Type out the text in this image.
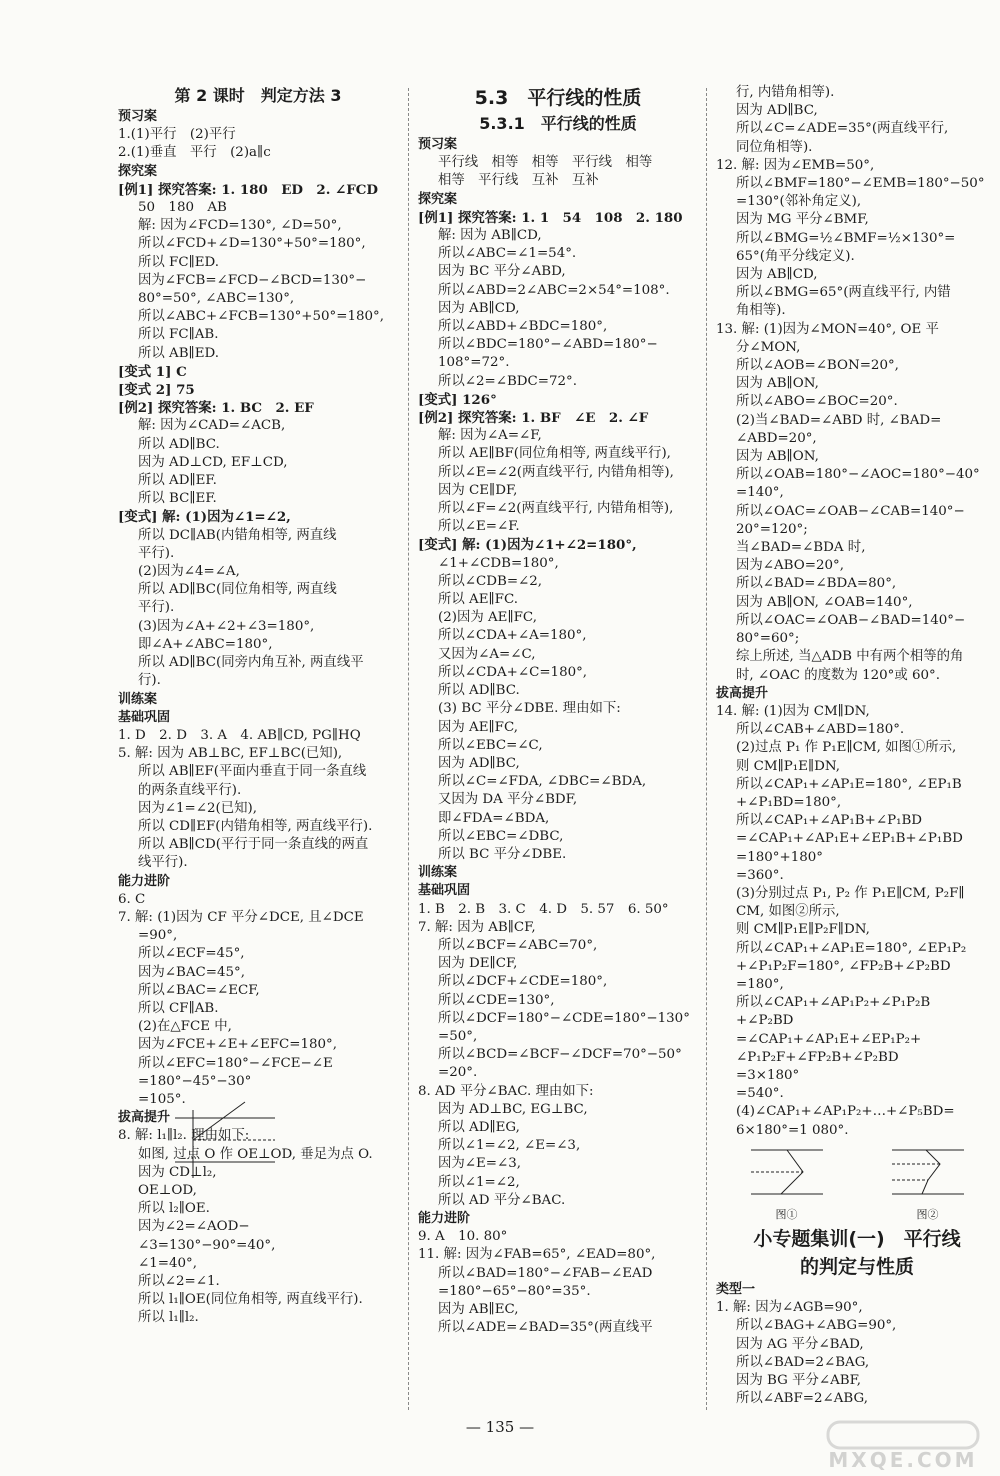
第 2 课时　判定方法 3
预习案
1.(1)平行　(2)平行
2.(1)垂直　平行　(2)a∥c
探究案
[例1] 探究答案: 1. 180　ED　2. ∠FCD
50　180　AB
解: 因为∠FCD=130°, ∠D=50°,
所以∠FCD+∠D=130°+50°=180°,
所以 FC∥ED.
因为∠FCB=∠FCD−∠BCD=130°−
80°=50°, ∠ABC=130°,
所以∠ABC+∠FCB=130°+50°=180°,
所以 FC∥AB.
所以 AB∥ED.
[变式 1] C
[变式 2] 75
[例2] 探究答案: 1. BC　2. EF
解: 因为∠CAD=∠ACB,
所以 AD∥BC.
因为 AD⊥CD, EF⊥CD,
所以 AD∥EF.
所以 BC∥EF.
[变式] 解: (1)因为∠1=∠2,
所以 DC∥AB(内错角相等, 两直线
平行).
(2)因为∠4=∠A,
所以 AD∥BC(同位角相等, 两直线
平行).
(3)因为∠A+∠2+∠3=180°,
即∠A+∠ABC=180°,
所以 AD∥BC(同旁内角互补, 两直线平
行).
训练案
基础巩固
1. D　2. D　3. A　4. AB∥CD, PG∥HQ
5. 解: 因为 AB⊥BC, EF⊥BC(已知),
所以 AB∥EF(平面内垂直于同一条直线
的两条直线平行).
因为∠1=∠2(已知),
所以 CD∥EF(内错角相等, 两直线平行).
所以 AB∥CD(平行于同一条直线的两直
线平行).
能力进阶
6. C
7. 解: (1)因为 CF 平分∠DCE, 且∠DCE
=90°,
所以∠ECF=45°,
因为∠BAC=45°,
所以∠BAC=∠ECF,
所以 CF∥AB.
(2)在△FCE 中,
因为∠FCE+∠E+∠EFC=180°,
所以∠EFC=180°−∠FCE−∠E
=180°−45°−30°
=105°.
拔高提升
8. 解: l₁∥l₂. 理由如下:
如图, 过点 O 作 OE⊥OD, 垂足为点 O.
因为 CD⊥l₂,
OE⊥OD,
所以 l₂∥OE.
因为∠2=∠AOD−
∠3=130°−90°=40°,
∠1=40°,
所以∠2=∠1.
所以 l₁∥OE(同位角相等, 两直线平行).
所以 l₁∥l₂.
5.3　平行线的性质
5.3.1　平行线的性质
预习案
平行线　相等　相等　平行线　相等
相等　平行线　互补　互补
探究案
[例1] 探究答案: 1. 1　54　108　2. 180
解: 因为 AB∥CD,
所以∠ABC=∠1=54°.
因为 BC 平分∠ABD,
所以∠ABD=2∠ABC=2×54°=108°.
因为 AB∥CD,
所以∠ABD+∠BDC=180°,
所以∠BDC=180°−∠ABD=180°−
108°=72°.
所以∠2=∠BDC=72°.
[变式] 126°
[例2] 探究答案: 1. BF　∠E　2. ∠F
解: 因为∠A=∠F,
所以 AE∥BF(同位角相等, 两直线平行),
所以∠E=∠2(两直线平行, 内错角相等),
因为 CE∥DF,
所以∠F=∠2(两直线平行, 内错角相等),
所以∠E=∠F.
[变式] 解: (1)因为∠1+∠2=180°,
∠1+∠CDB=180°,
所以∠CDB=∠2,
所以 AE∥FC.
(2)因为 AE∥FC,
所以∠CDA+∠A=180°,
又因为∠A=∠C,
所以∠CDA+∠C=180°,
所以 AD∥BC.
(3) BC 平分∠DBE. 理由如下:
因为 AE∥FC,
所以∠EBC=∠C,
因为 AD∥BC,
所以∠C=∠FDA, ∠DBC=∠BDA,
又因为 DA 平分∠BDF,
即∠FDA=∠BDA,
所以∠EBC=∠DBC,
所以 BC 平分∠DBE.
训练案
基础巩固
1. B　2. B　3. C　4. D　5. 57　6. 50°
7. 解: 因为 AB∥CF,
所以∠BCF=∠ABC=70°,
因为 DE∥CF,
所以∠DCF+∠CDE=180°,
所以∠CDE=130°,
所以∠DCF=180°−∠CDE=180°−130°
=50°,
所以∠BCD=∠BCF−∠DCF=70°−50°
=20°.
8. AD 平分∠BAC. 理由如下:
因为 AD⊥BC, EG⊥BC,
所以 AD∥EG,
所以∠1=∠2, ∠E=∠3,
因为∠E=∠3,
所以∠1=∠2,
所以 AD 平分∠BAC.
能力进阶
9. A　10. 80°
11. 解: 因为∠FAB=65°, ∠EAD=80°,
所以∠BAD=180°−∠FAB−∠EAD
=180°−65°−80°=35°.
因为 AB∥EC,
所以∠ADE=∠BAD=35°(两直线平
行, 内错角相等).
因为 AD∥BC,
所以∠C=∠ADE=35°(两直线平行,
同位角相等).
12. 解: 因为∠EMB=50°,
所以∠BMF=180°−∠EMB=180°−50°
=130°(邻补角定义),
因为 MG 平分∠BMF,
所以∠BMG=½∠BMF=½×130°=
65°(角平分线定义).
因为 AB∥CD,
所以∠BMG=65°(两直线平行, 内错
角相等).
13. 解: (1)因为∠MON=40°, OE 平
分∠MON,
所以∠AOB=∠BON=20°,
因为 AB∥ON,
所以∠ABO=∠BOC=20°.
(2)当∠BAD=∠ABD 时, ∠BAD=
∠ABD=20°,
因为 AB∥ON,
所以∠OAB=180°−∠AOC=180°−40°
=140°,
所以∠OAC=∠OAB−∠CAB=140°−
20°=120°;
当∠BAD=∠BDA 时,
因为∠ABO=20°,
所以∠BAD=∠BDA=80°,
因为 AB∥ON, ∠OAB=140°,
所以∠OAC=∠OAB−∠BAD=140°−
80°=60°;
综上所述, 当△ADB 中有两个相等的角
时, ∠OAC 的度数为 120°或 60°.
拔高提升
14. 解: (1)因为 CM∥DN,
所以∠CAB+∠ABD=180°.
(2)过点 P₁ 作 P₁E∥CM, 如图①所示,
则 CM∥P₁E∥DN,
所以∠CAP₁+∠AP₁E=180°, ∠EP₁B
+∠P₁BD=180°,
所以∠CAP₁+∠AP₁B+∠P₁BD
=∠CAP₁+∠AP₁E+∠EP₁B+∠P₁BD
=180°+180°
=360°.
(3)分别过点 P₁, P₂ 作 P₁E∥CM, P₂F∥
CM, 如图②所示,
则 CM∥P₁E∥P₂F∥DN,
所以∠CAP₁+∠AP₁E=180°, ∠EP₁P₂
+∠P₁P₂F=180°, ∠FP₂B+∠P₂BD
=180°,
所以∠CAP₁+∠AP₁P₂+∠P₁P₂B
+∠P₂BD
=∠CAP₁+∠AP₁E+∠EP₁P₂+
∠P₁P₂F+∠FP₂B+∠P₂BD
=3×180°
=540°.
(4)∠CAP₁+∠AP₁P₂+…+∠P₅BD=
6×180°=1 080°.
图①	图②
小专题集训(一)　平行线
的判定与性质
类型一
1. 解: 因为∠AGB=90°,
所以∠BAG+∠ABG=90°,
因为 AG 平分∠BAD,
所以∠BAD=2∠BAG,
因为 BG 平分∠ABF,
所以∠ABF=2∠ABG,
— 135 —
MXQE.COM
